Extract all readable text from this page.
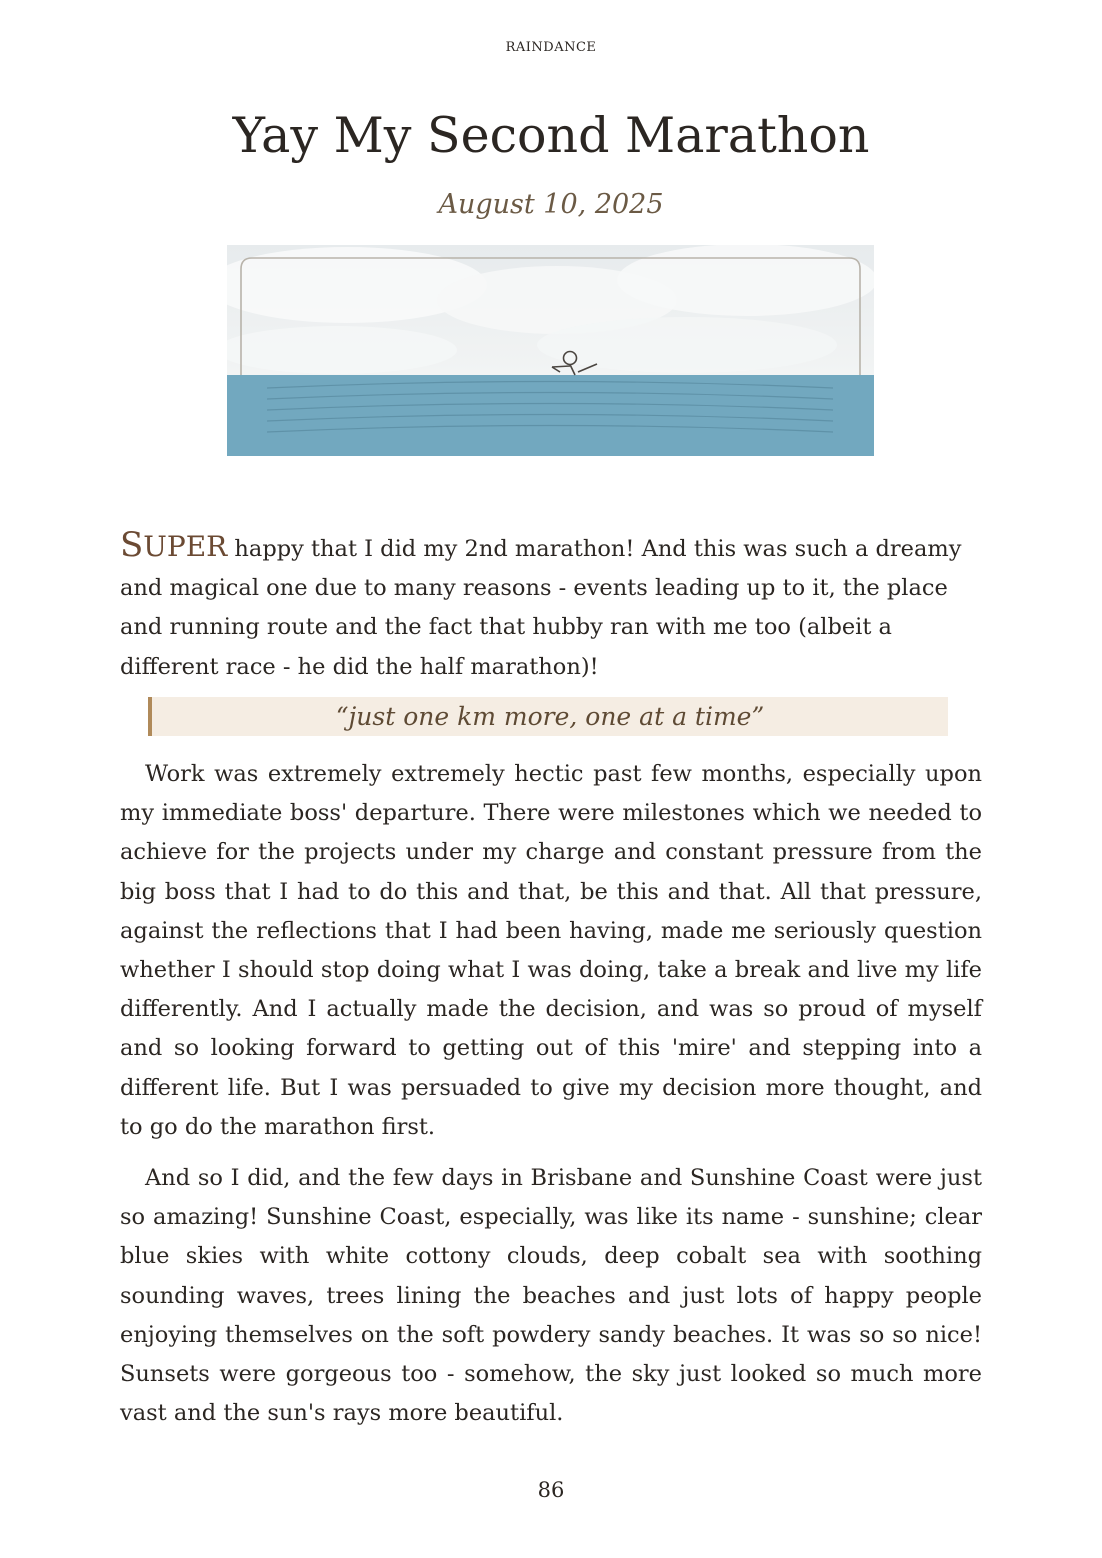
RAINDANCE
Yay My Second Marathon
August 10, 2025
SUPER happy that I did my 2nd marathon! And this was such a dreamy and magical one due to many reasons - events leading up to it, the place and running route and the fact that hubby ran with me too (albeit a different race - he did the half marathon)!
“just one km more, one at a time”
Work was extremely extremely hectic past few months, especially upon my immediate boss' departure. There were milestones which we needed to achieve for the projects under my charge and constant pressure from the big boss that I had to do this and that, be this and that. All that pressure, against the reflections that I had been having, made me seriously question whether I should stop doing what I was doing, take a break and live my life differently. And I actually made the decision, and was so proud of myself and so looking forward to getting out of this 'mire' and stepping into a different life. But I was persuaded to give my decision more thought, and to go do the marathon first.
And so I did, and the few days in Brisbane and Sunshine Coast were just so amazing! Sunshine Coast, especially, was like its name - sunshine; clear blue skies with white cottony clouds, deep cobalt sea with soothing sounding waves, trees lining the beaches and just lots of happy people enjoying themselves on the soft powdery sandy beaches. It was so so nice! Sunsets were gorgeous too - somehow, the sky just looked so much more vast and the sun's rays more beautiful.
86
